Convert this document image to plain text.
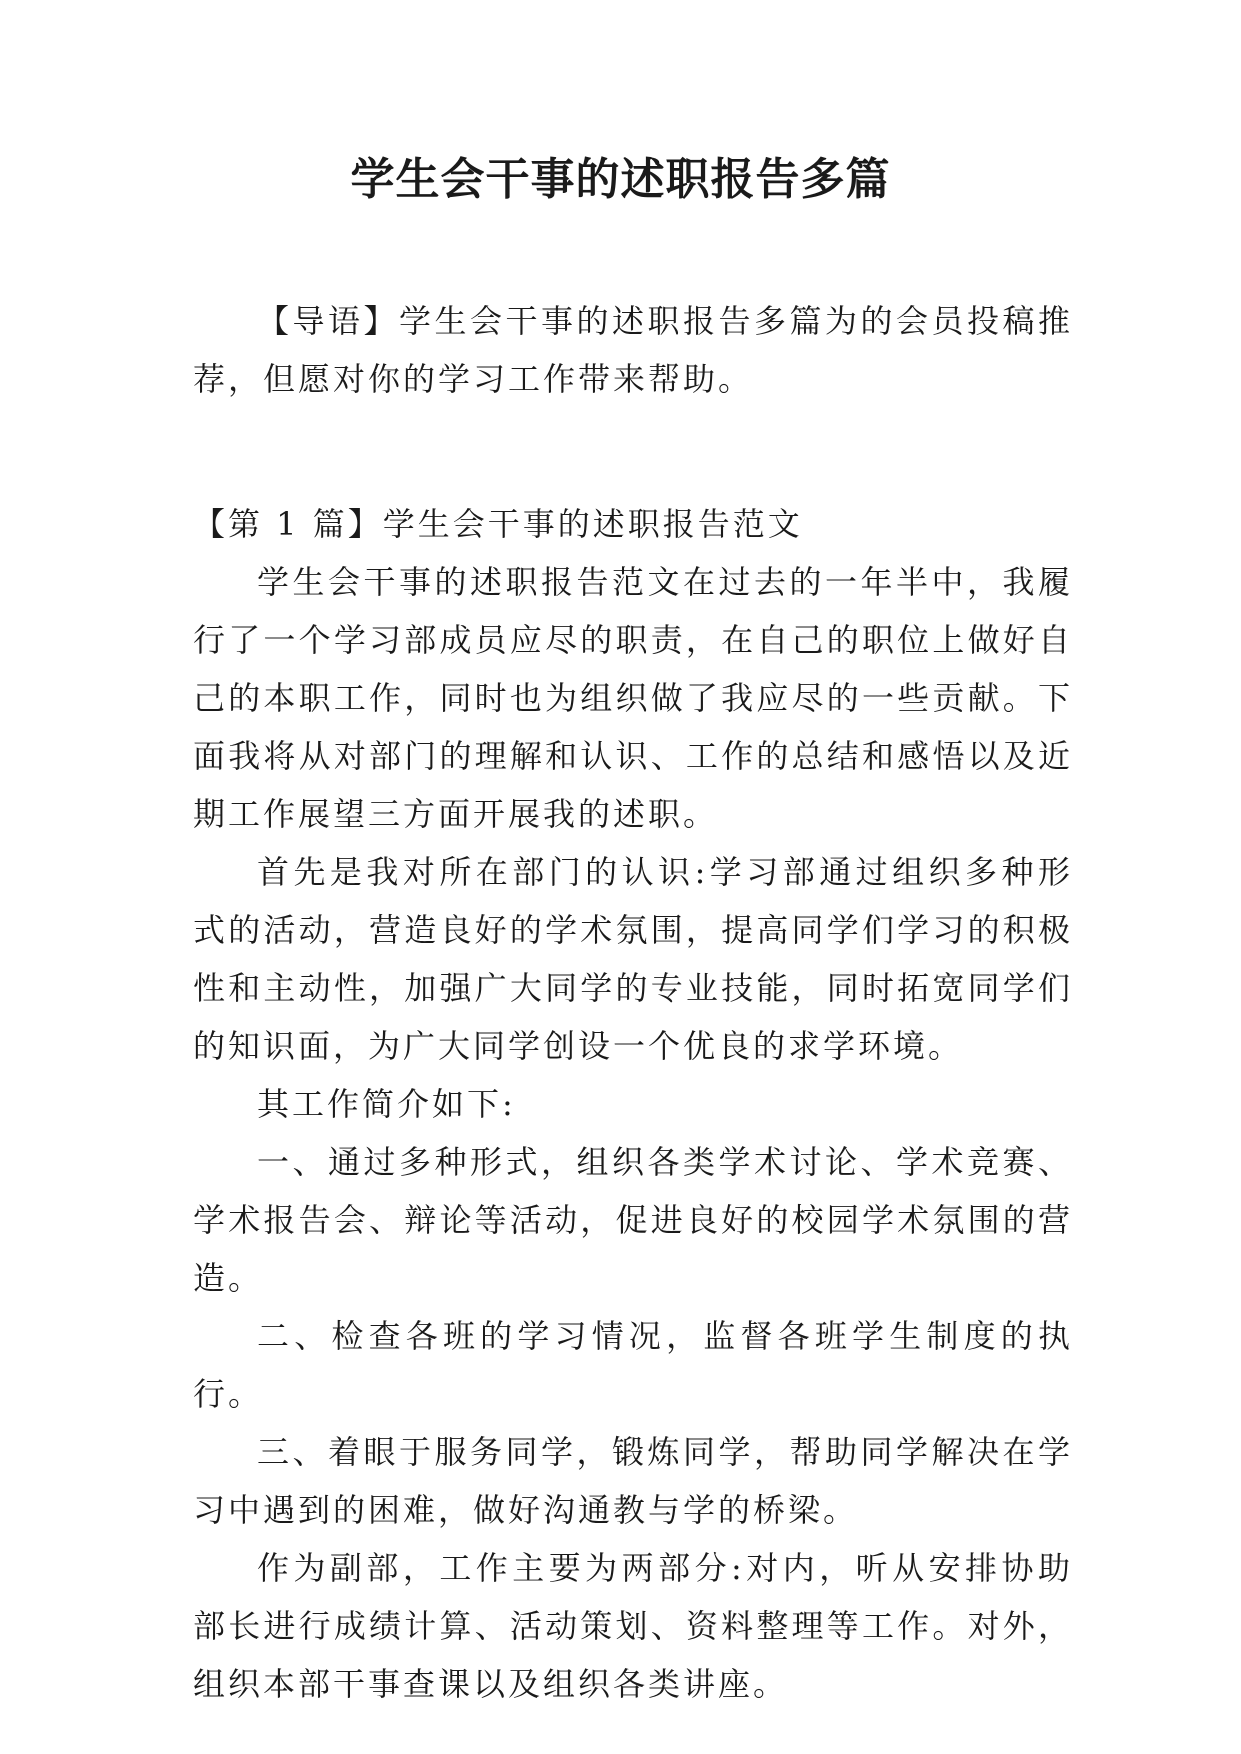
学生会干事的述职报告多篇

【导语】学生会干事的述职报告多篇为的会员投稿推荐，但愿对你的学习工作带来帮助。

【第 1 篇】学生会干事的述职报告范文

学生会干事的述职报告范文在过去的一年半中，我履行了一个学习部成员应尽的职责，在自己的职位上做好自己的本职工作，同时也为组织做了我应尽的一些贡献。下面我将从对部门的理解和认识、工作的总结和感悟以及近期工作展望三方面开展我的述职。

首先是我对所在部门的认识:学习部通过组织多种形式的活动，营造良好的学术氛围，提高同学们学习的积极性和主动性，加强广大同学的专业技能，同时拓宽同学们的知识面，为广大同学创设一个优良的求学环境。

其工作简介如下:

一、通过多种形式，组织各类学术讨论、学术竞赛、学术报告会、辩论等活动，促进良好的校园学术氛围的营造。

二、检查各班的学习情况，监督各班学生制度的执行。

三、着眼于服务同学，锻炼同学，帮助同学解决在学习中遇到的困难，做好沟通教与学的桥梁。

作为副部，工作主要为两部分:对内，听从安排协助部长进行成绩计算、活动策划、资料整理等工作。对外，组织本部干事查课以及组织各类讲座。
